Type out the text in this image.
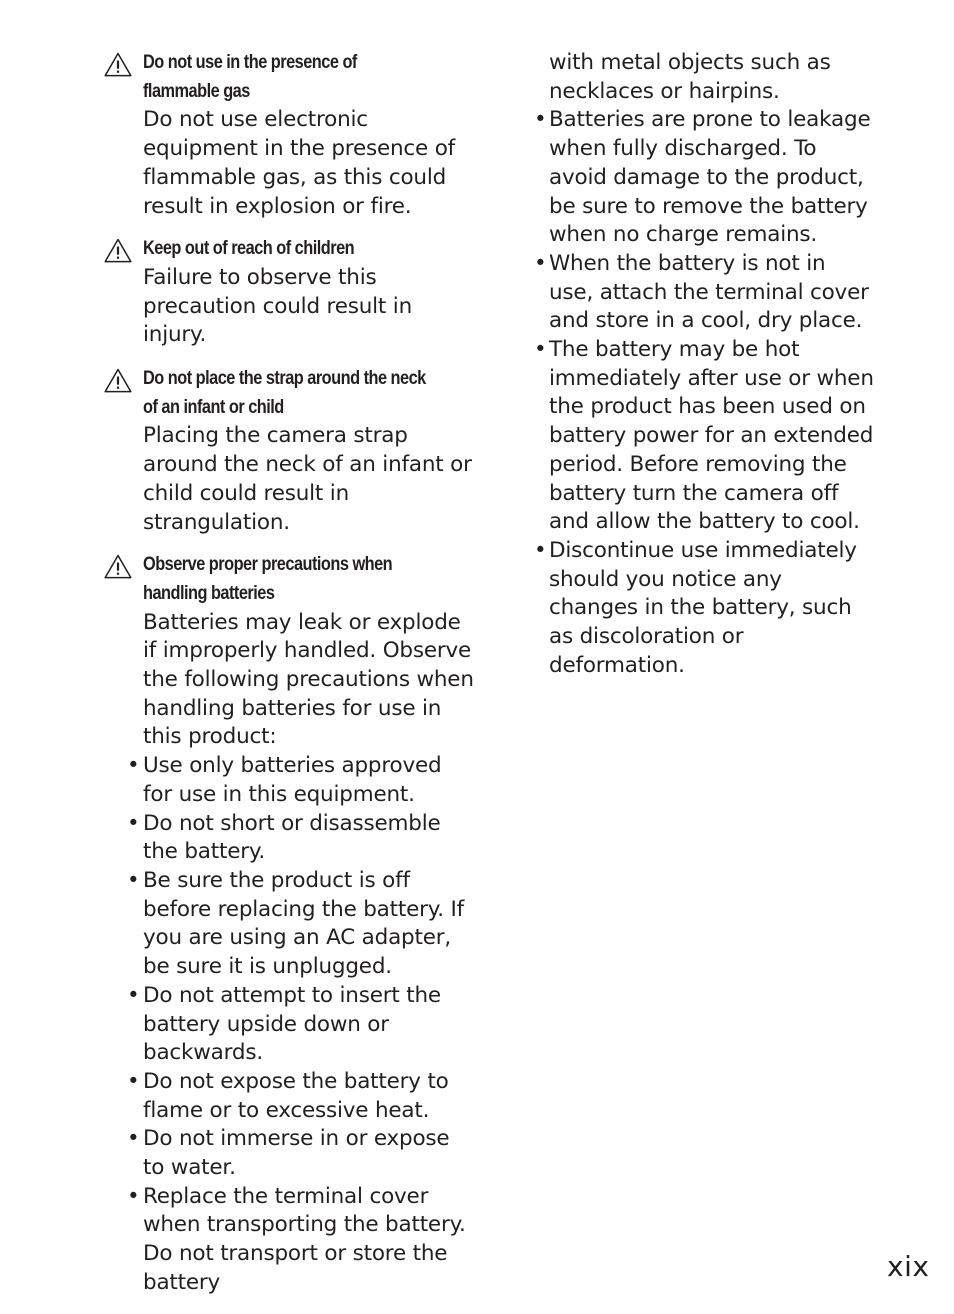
Do not use in the presence of
flammable gas
Do not use electronic equipment in the presence of flammable gas, as this could result in explosion or fire.
Keep out of reach of children
Failure to observe this precaution could result in injury.
Do not place the strap around the neck
of an infant or child
Placing the camera strap around the neck of an infant or child could result in strangulation.
Observe proper precautions when
handling batteries
Batteries may leak or explode if improperly handled. Observe the following precautions when handling batteries for use in this product:
• Use only batteries approved for use in this equipment.
• Do not short or disassemble the battery.
• Be sure the product is off before replacing the battery. If you are using an AC adapter, be sure it is unplugged.
• Do not attempt to insert the battery upside down or backwards.
• Do not expose the battery to flame or to excessive heat.
• Do not immerse in or expose to water.
• Replace the terminal cover when transporting the battery. Do not transport or store the battery
with metal objects such as necklaces or hairpins.
• Batteries are prone to leakage when fully discharged. To avoid damage to the product, be sure to remove the battery when no charge remains.
• When the battery is not in use, attach the terminal cover and store in a cool, dry place.
• The battery may be hot immediately after use or when the product has been used on battery power for an extended period. Before removing the battery turn the camera off and allow the battery to cool.
• Discontinue use immediately should you notice any changes in the battery, such as discoloration or deformation.
xix
